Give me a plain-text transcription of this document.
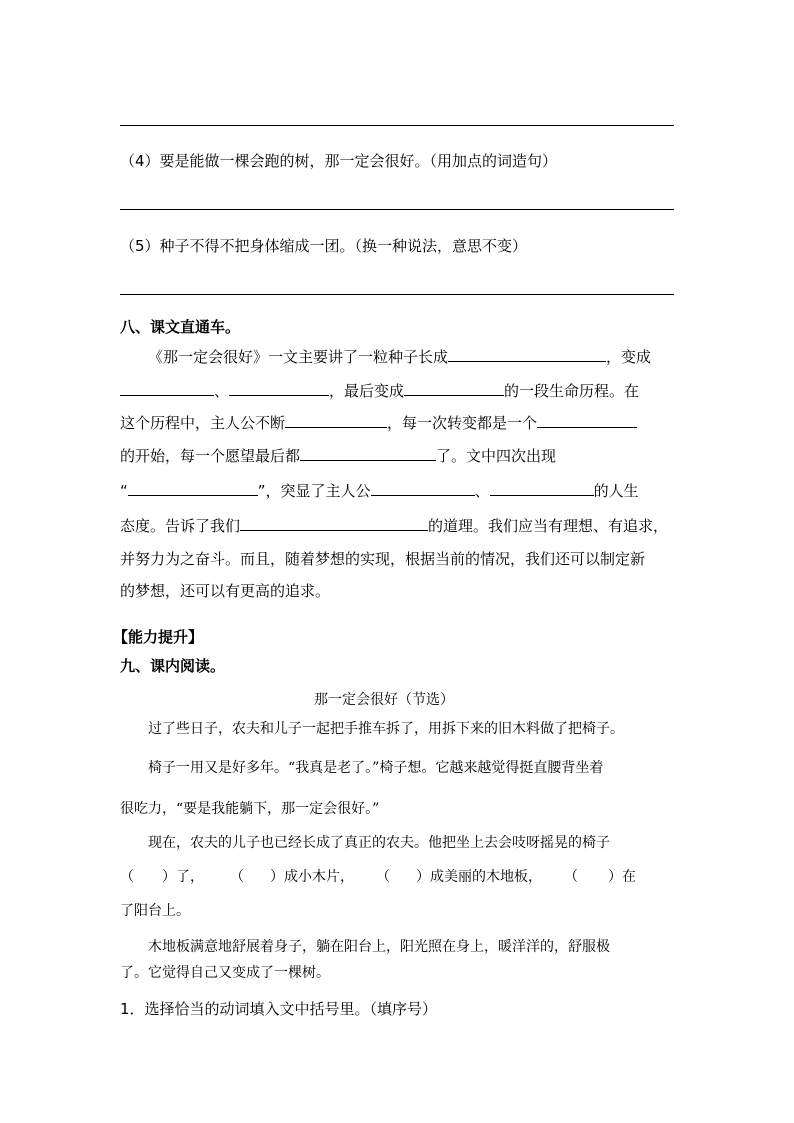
（4）要是能做一棵会跑的树，那一定会很好。（用加点的词造句）
（5）种子不得不把身体缩成一团。（换一种说法，意思不变）
八、课文直通车。
《那一定会很好》一文主要讲了一粒种子长成	，变成
、	，最后变成	的一段生命历程。在
这个历程中，主人公不断	，每一次转变都是一个
的开始，每一个愿望最后都	了。文中四次出现
“	”，突显了主人公	、	的人生
态度。告诉了我们	的道理。我们应当有理想、有追求，
并努力为之奋斗。而且，随着梦想的实现，根据当前的情况，我们还可以制定新
的梦想，还可以有更高的追求。
【能力提升】
九、课内阅读。
那一定会很好（节选）
过了些日子，农夫和儿子一起把手推车拆了，用拆下来的旧木料做了把椅子。
椅子一用又是好多年。“我真是老了。”椅子想。它越来越觉得挺直腰背坐着
很吃力，“要是我能躺下，那一定会很好。”
现在，农夫的儿子也已经长成了真正的农夫。他把坐上去会吱呀摇晃的椅子
（ ）了， （ ）成小木片， （ ）成美丽的木地板， （ ）在
了阳台上。
木地板满意地舒展着身子，躺在阳台上，阳光照在身上，暖洋洋的，舒服极
了。它觉得自己又变成了一棵树。
1．选择恰当的动词填入文中括号里。（填序号）
